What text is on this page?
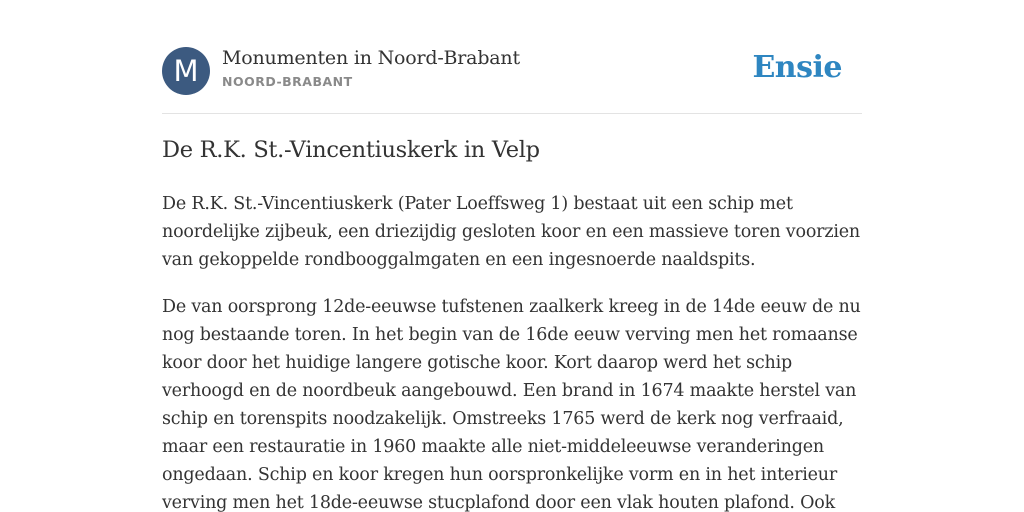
M	Monumenten in Noord-Brabant
NOORD-BRABANT	Ensie
De R.K. St.-Vincentiuskerk in Velp

De R.K. St.-Vincentiuskerk (Pater Loeffsweg 1) bestaat uit een schip met noordelijke zijbeuk, een driezijdig gesloten koor en een massieve toren voorzien van gekoppelde rondbooggalmgaten en een ingesnoerde naaldspits.

De van oorsprong 12de-eeuwse tufstenen zaalkerk kreeg in de 14de eeuw de nu nog bestaande toren. In het begin van de 16de eeuw verving men het romaanse koor door het huidige langere gotische koor. Kort daarop werd het schip verhoogd en de noordbeuk aangebouwd. Een brand in 1674 maakte herstel van schip en torenspits noodzakelijk. Omstreeks 1765 werd de kerk nog verfraaid, maar een restauratie in 1960 maakte alle niet-middeleeuwse veranderingen ongedaan. Schip en koor kregen hun oorspronkelijke vorm en in het interieur verving men het 18de-eeuwse stucplafond door een vlak houten plafond. Ook
